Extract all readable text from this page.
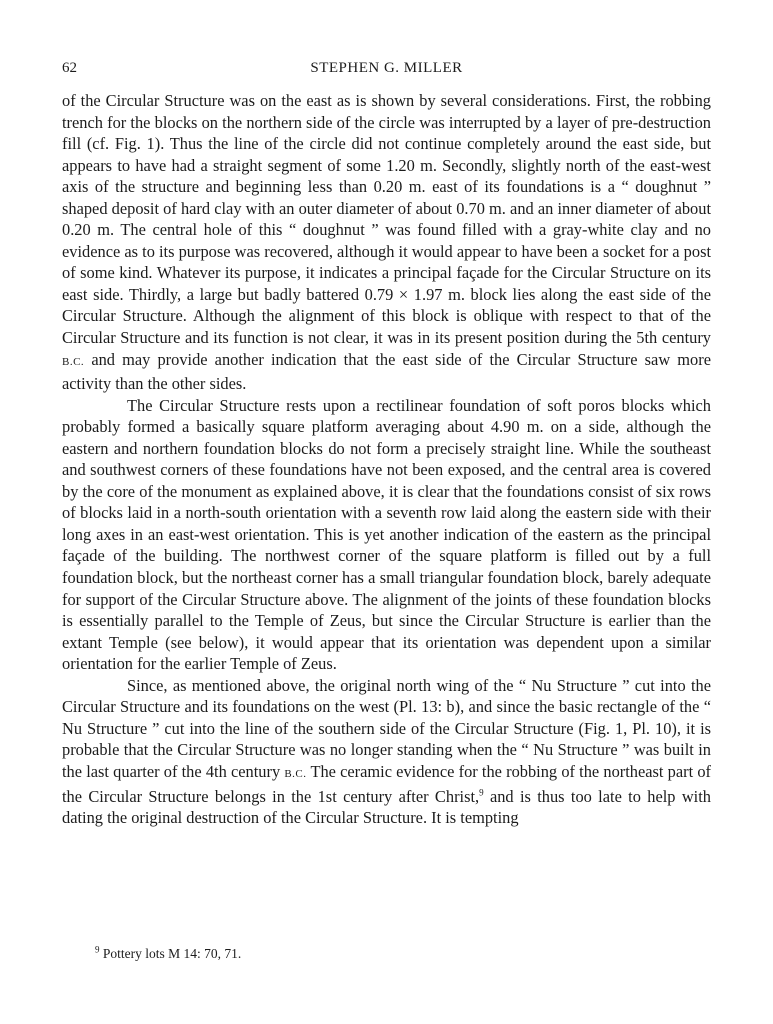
62	STEPHEN G. MILLER

of the Circular Structure was on the east as is shown by several considerations. First, the robbing trench for the blocks on the northern side of the circle was interrupted by a layer of pre-destruction fill (cf. Fig. 1). Thus the line of the circle did not continue completely around the east side, but appears to have had a straight segment of some 1.20 m. Secondly, slightly north of the east-west axis of the structure and beginning less than 0.20 m. east of its foundations is a “ doughnut ” shaped deposit of hard clay with an outer diameter of about 0.70 m. and an inner diameter of about 0.20 m. The central hole of this “ doughnut ” was found filled with a gray-white clay and no evidence as to its purpose was recovered, although it would appear to have been a socket for a post of some kind. Whatever its purpose, it indicates a principal façade for the Circular Structure on its east side. Thirdly, a large but badly battered 0.79 × 1.97 m. block lies along the east side of the Circular Structure. Although the alignment of this block is oblique with respect to that of the Circular Structure and its function is not clear, it was in its present position during the 5th century B.C. and may provide another indication that the east side of the Circular Structure saw more activity than the other sides.

The Circular Structure rests upon a rectilinear foundation of soft poros blocks which probably formed a basically square platform averaging about 4.90 m. on a side, although the eastern and northern foundation blocks do not form a precisely straight line. While the southeast and southwest corners of these foundations have not been exposed, and the central area is covered by the core of the monument as explained above, it is clear that the foundations consist of six rows of blocks laid in a north-south orientation with a seventh row laid along the eastern side with their long axes in an east-west orientation. This is yet another indication of the eastern as the principal façade of the building. The northwest corner of the square platform is filled out by a full foundation block, but the northeast corner has a small triangular foundation block, barely adequate for support of the Circular Structure above. The alignment of the joints of these foundation blocks is essentially parallel to the Temple of Zeus, but since the Circular Structure is earlier than the extant Temple (see below), it would appear that its orientation was dependent upon a similar orientation for the earlier Temple of Zeus.

Since, as mentioned above, the original north wing of the “ Nu Structure ” cut into the Circular Structure and its foundations on the west (Pl. 13: b), and since the basic rectangle of the “ Nu Structure ” cut into the line of the southern side of the Circular Structure (Fig. 1, Pl. 10), it is probable that the Circular Structure was no longer standing when the “ Nu Structure ” was built in the last quarter of the 4th century B.C. The ceramic evidence for the robbing of the northeast part of the Circular Structure belongs in the 1st century after Christ,$^9$ and is thus too late to help with dating the original destruction of the Circular Structure. It is tempting

$^9$ Pottery lots M 14: 70, 71.
